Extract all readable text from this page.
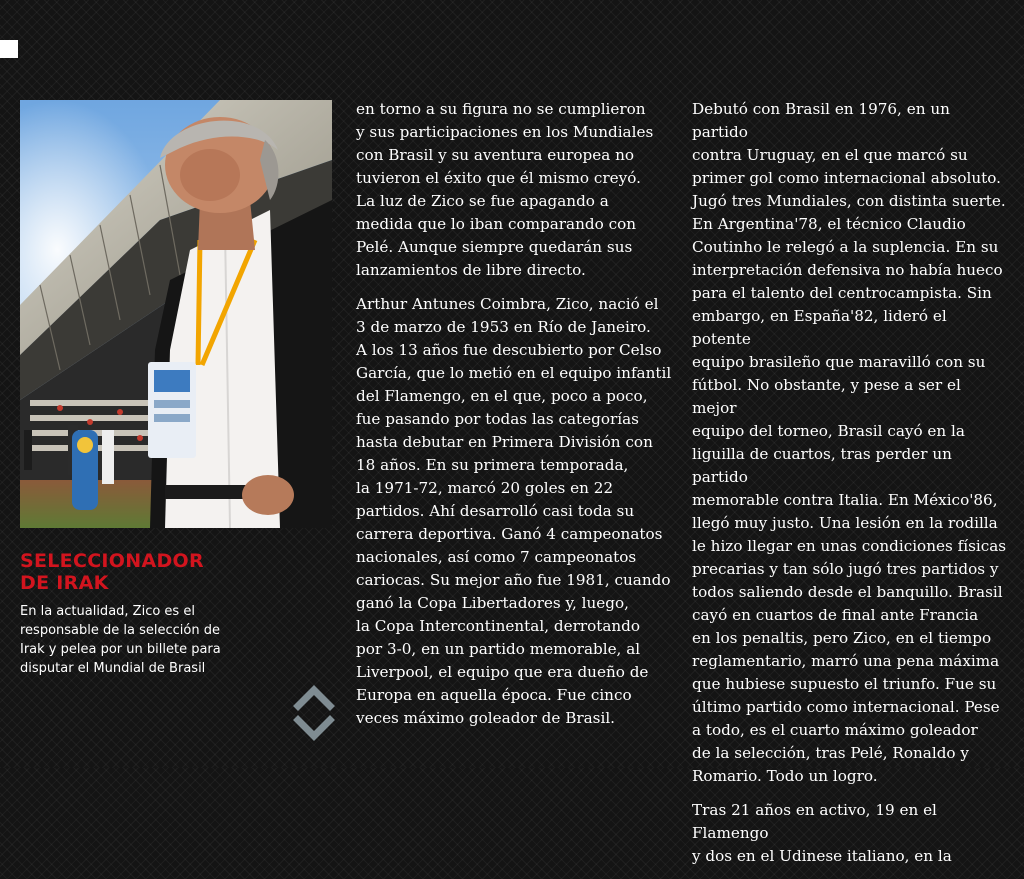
SELECCIONADOR DE IRAK

En la actualidad, Zico es el responsable de la selección de Irak y pelea por un billete para disputar el Mundial de Brasil

en torno a su figura no se cumplieron
y sus participaciones en los Mundiales
con Brasil y su aventura europea no
tuvieron el éxito que él mismo creyó.
La luz de Zico se fue apagando a
medida que lo iban comparando con
Pelé. Aunque siempre quedarán sus
lanzamientos de libre directo.

Arthur Antunes Coimbra, Zico, nació el
3 de marzo de 1953 en Río de Janeiro.
A los 13 años fue descubierto por Celso
García, que lo metió en el equipo infantil
del Flamengo, en el que, poco a poco,
fue pasando por todas las categorías
hasta debutar en Primera División con
18 años. En su primera temporada,
la 1971-72, marcó 20 goles en 22
partidos. Ahí desarrolló casi toda su
carrera deportiva. Ganó 4 campeonatos
nacionales, así como 7 campeonatos
cariocas. Su mejor año fue 1981, cuando
ganó la Copa Libertadores y, luego,
la Copa Intercontinental, derrotando
por 3-0, en un partido memorable, al
Liverpool, el equipo que era dueño de
Europa en aquella época. Fue cinco
veces máximo goleador de Brasil.

Debutó con Brasil en 1976, en un partido
contra Uruguay, en el que marcó su
primer gol como internacional absoluto.
Jugó tres Mundiales, con distinta suerte.
En Argentina'78, el técnico Claudio
Coutinho le relegó a la suplencia. En su
interpretación defensiva no había hueco
para el talento del centrocampista. Sin
embargo, en España'82, lideró el potente
equipo brasileño que maravilló con su
fútbol. No obstante, y pese a ser el mejor
equipo del torneo, Brasil cayó en la
liguilla de cuartos, tras perder un partido
memorable contra Italia. En México'86,
llegó muy justo. Una lesión en la rodilla
le hizo llegar en unas condiciones físicas
precarias y tan sólo jugó tres partidos y
todos saliendo desde el banquillo. Brasil
cayó en cuartos de final ante Francia
en los penaltis, pero Zico, en el tiempo
reglamentario, marró una pena máxima
que hubiese supuesto el triunfo. Fue su
último partido como internacional. Pese
a todo, es el cuarto máximo goleador
de la selección, tras Pelé, Ronaldo y
Romario. Todo un logro.

Tras 21 años en activo, 19 en el Flamengo
y dos en el Udinese italiano, en la
